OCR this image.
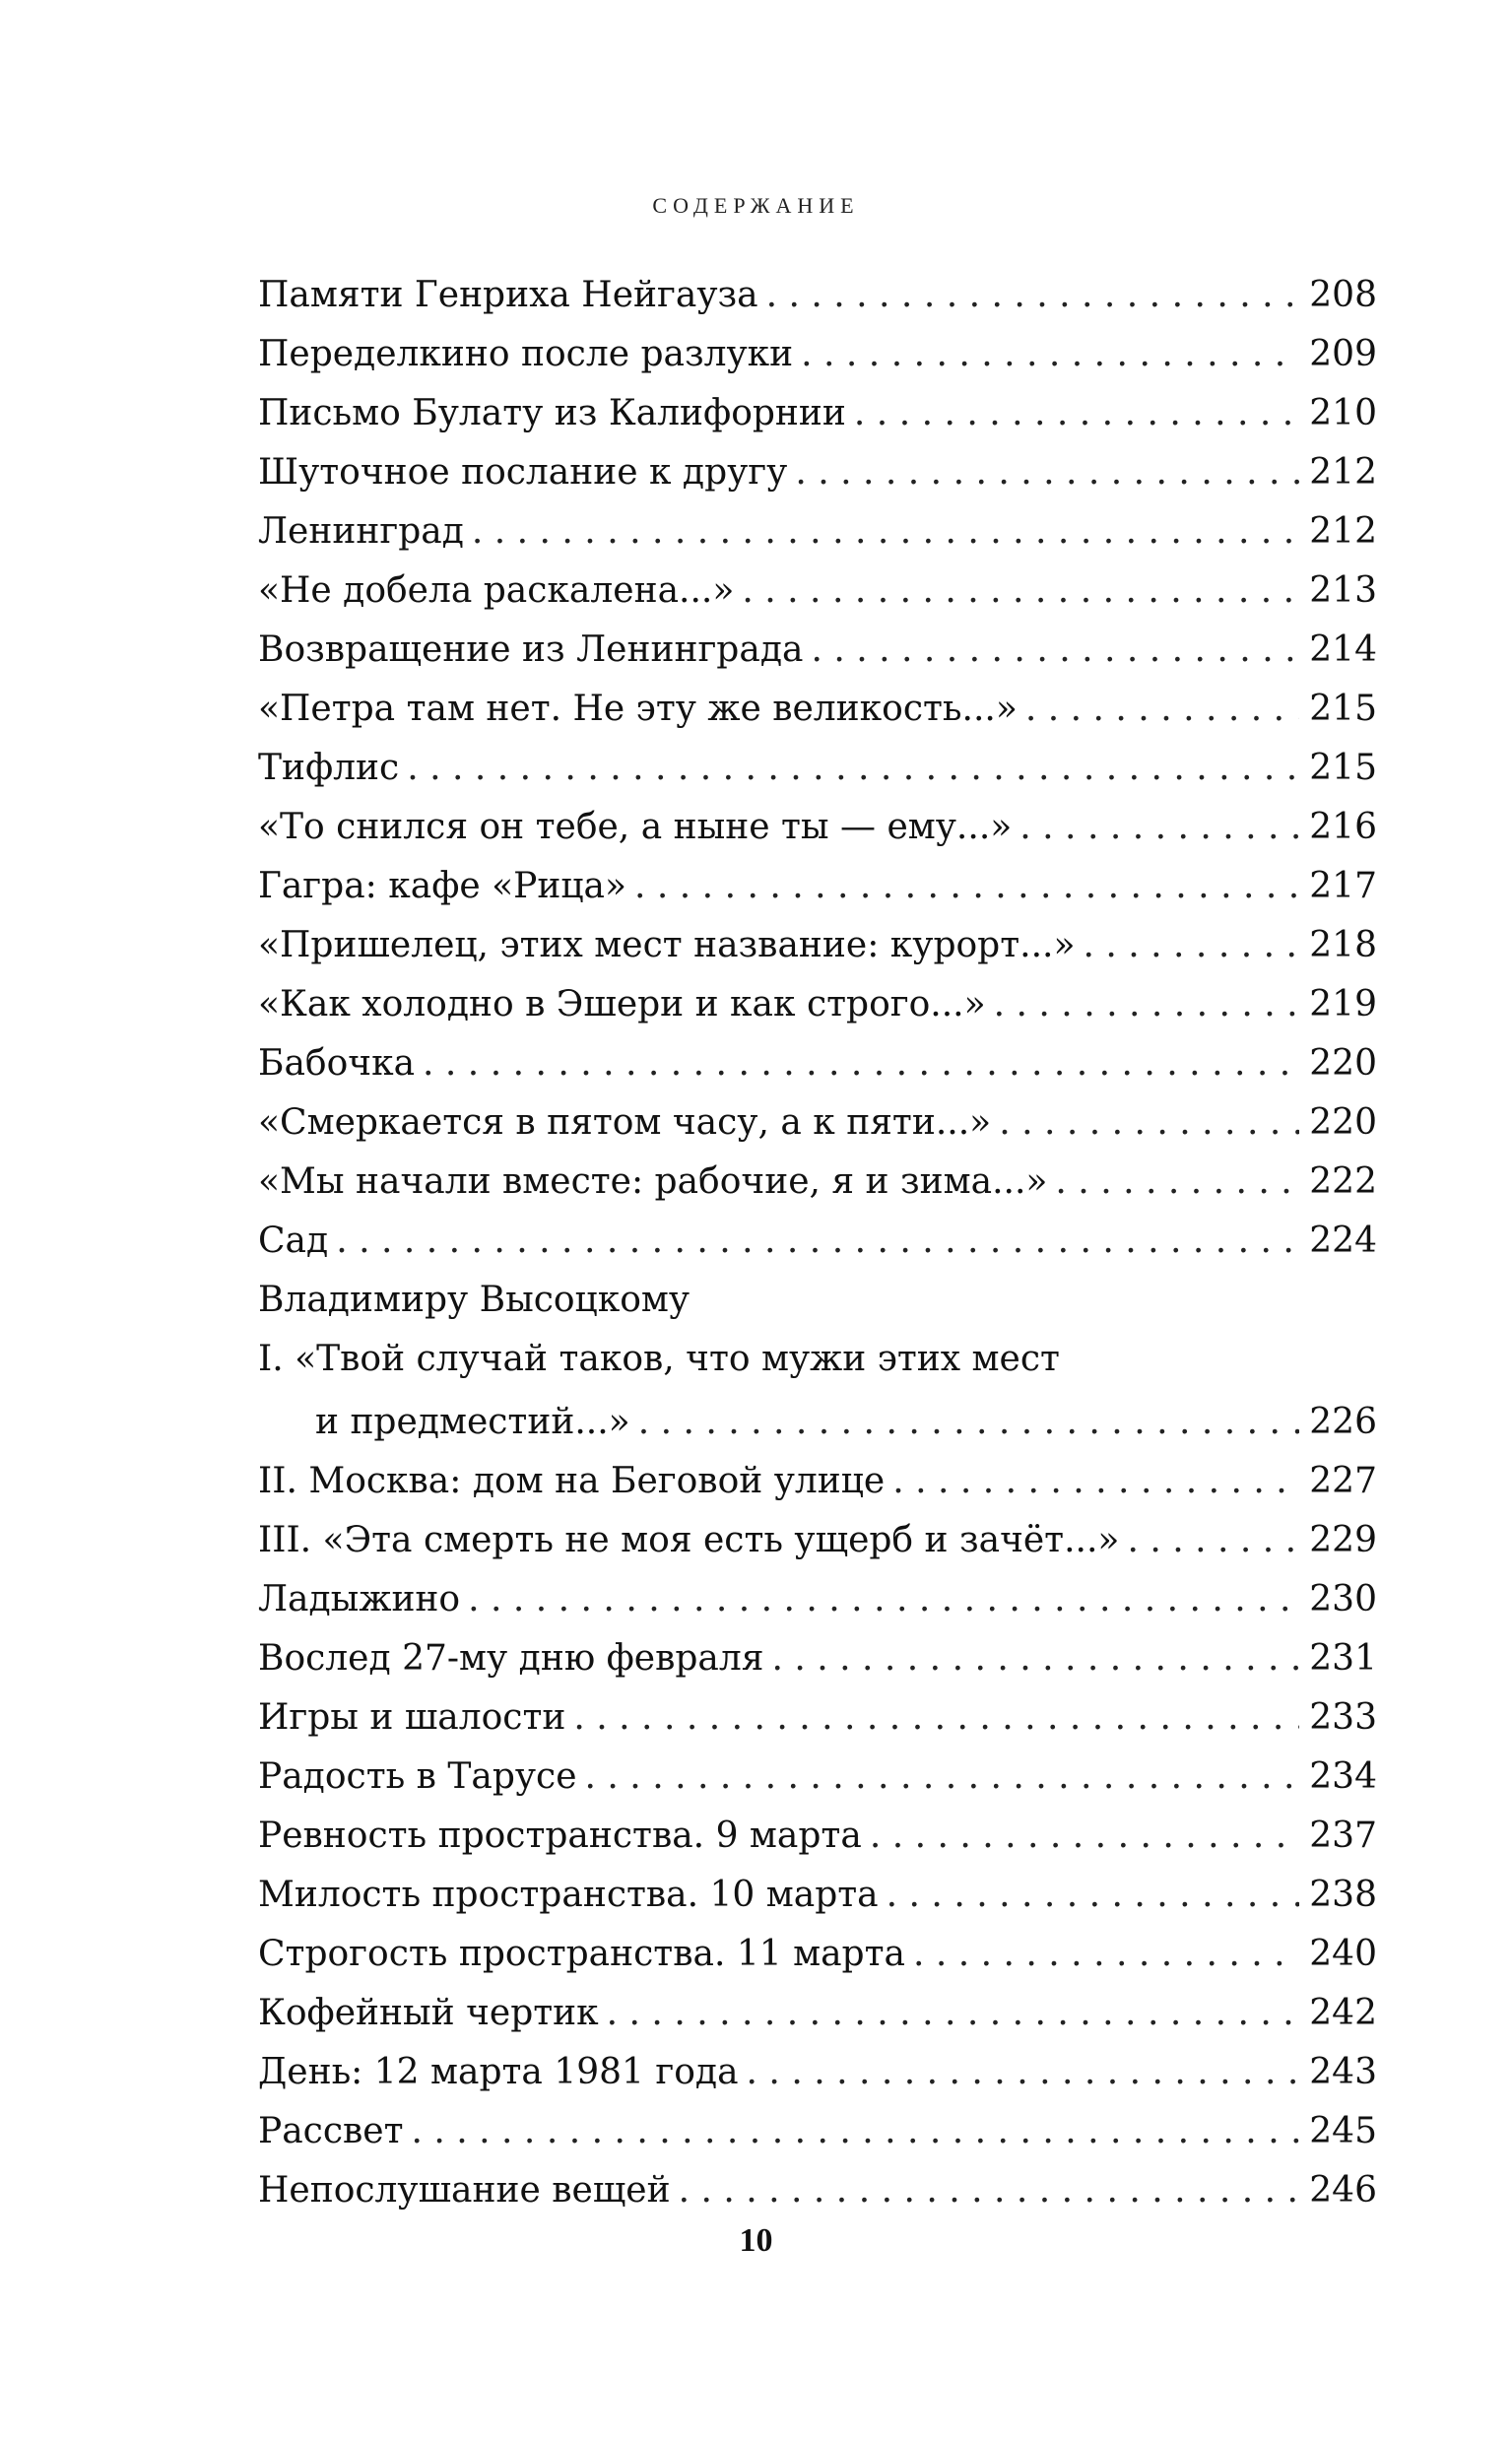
СОДЕРЖАНИЕ
Памяти Генриха Нейгауза . . .	208
Переделкино после разлуки . . .	209
Письмо Булату из Калифорнии . . .	210
Шуточное послание к другу . . .	212
Ленинград . . .	212
«Не добела раскалена...» . . .	213
Возвращение из Ленинграда . . .	214
«Петра там нет. Не эту же великость...» . . .	215
Тифлис . . .	215
«То снился он тебе, а ныне ты — ему...» . . .	216
Гагра: кафе «Рица» . . .	217
«Пришелец, этих мест название: курорт...» . . .	218
«Как холодно в Эшери и как строго...» . . .	219
Бабочка . . .	220
«Смеркается в пятом часу, а к пяти...» . . .	220
«Мы начали вместе: рабочие, я и зима...» . . .	222
Сад . . .	224
Владимиру Высоцкому
I. «Твой случай таков, что мужи этих мест
и предместий...» . . .	226
II. Москва: дом на Беговой улице . . .	227
III. «Эта смерть не моя есть ущерб и зачёт...» . . .	229
Ладыжино . . .	230
Вослед 27-му дню февраля . . .	231
Игры и шалости . . .	233
Радость в Тарусе . . .	234
Ревность пространства. 9 марта . . .	237
Милость пространства. 10 марта . . .	238
Строгость пространства. 11 марта . . .	240
Кофейный чертик . . .	242
День: 12 марта 1981 года . . .	243
Рассвет . . .	245
Непослушание вещей . . .	246
10
